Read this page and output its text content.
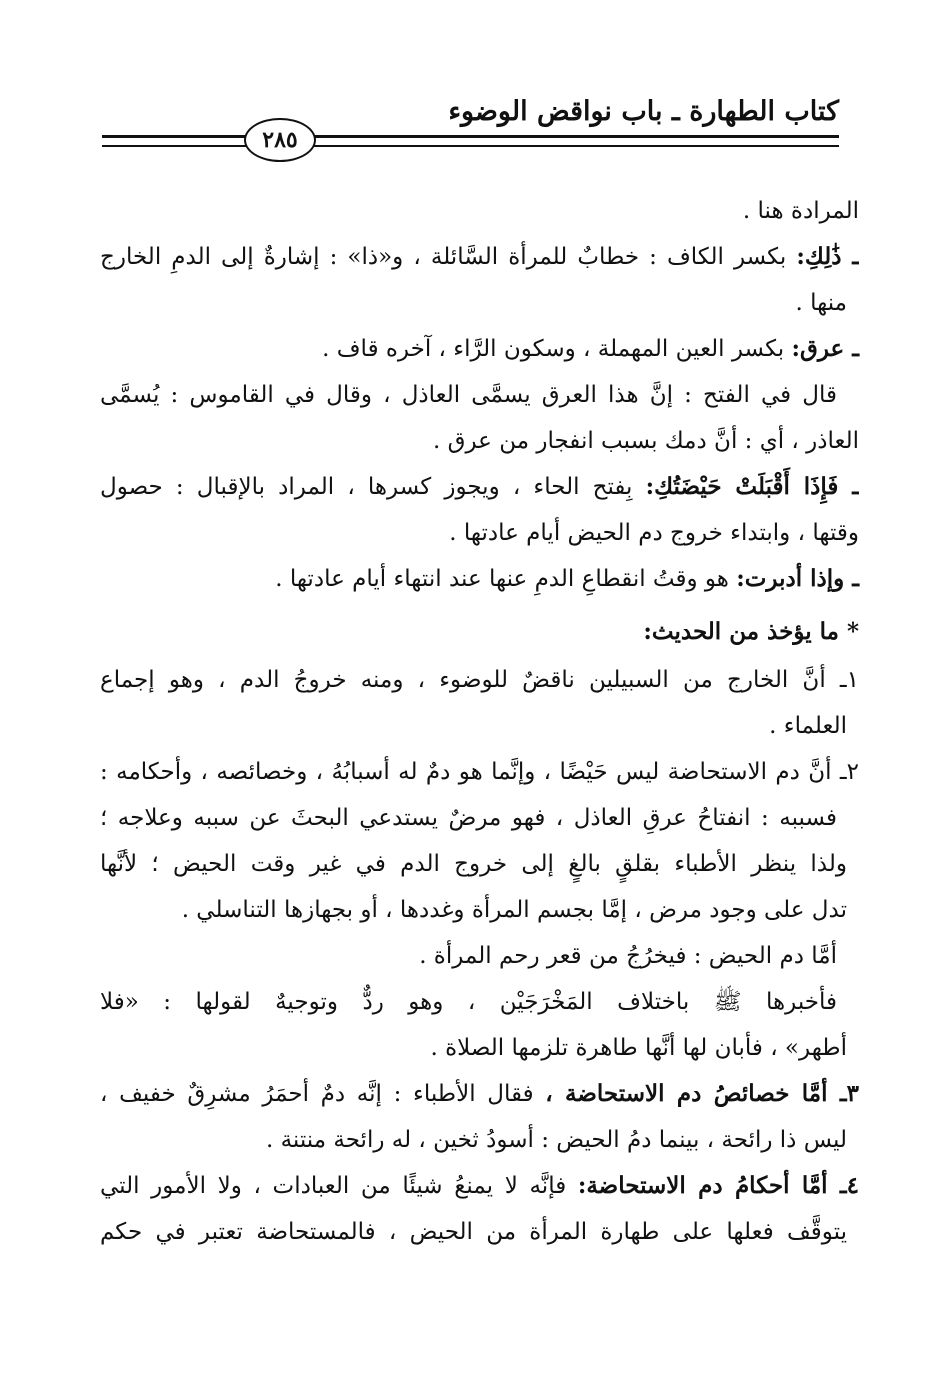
كتاب الطهارة ـ باب نواقض الوضوء
٢٨٥
المرادة هنا .
ـ ذَٰلِكِ: بكسر الكاف : خطابٌ للمرأة السَّائلة ، و«ذا» : إشارةٌ إلى الدمِ الخارج
منها .
ـ عرق: بكسر العين المهملة ، وسكون الرَّاء ، آخره قاف .
قال في الفتح : إنَّ هذا العرق يسمَّى العاذل ، وقال في القاموس : يُسمَّى
العاذر ، أي : أنَّ دمك بسبب انفجار من عرق .
ـ فَإِذَا أَقْبَلَتْ حَيْضَتُكِ: بِفتح الحاء ، ويجوز كسرها ، المراد بالإقبال : حصول
وقتها ، وابتداء خروج دم الحيض أيام عادتها .
ـ وإذا أدبرت: هو وقتُ انقطاعِ الدمِ عنها عند انتهاء أيام عادتها .
* ما يؤخذ من الحديث:
١ـ أنَّ الخارج من السبيلين ناقضٌ للوضوء ، ومنه خروجُ الدم ، وهو إجماع
العلماء .
٢ـ أنَّ دم الاستحاضة ليس حَيْضًا ، وإنَّما هو دمٌ له أسبابُهُ ، وخصائصه ، وأحكامه :
فسببه : انفتاحُ عرقِ العاذل ، فهو مرضٌ يستدعي البحثَ عن سببه وعلاجه ؛
ولذا ينظر الأطباء بقلقٍ بالغٍ إلى خروج الدم في غير وقت الحيض ؛ لأنَّها
تدل على وجود مرض ، إمَّا بجسم المرأة وغددها ، أو بجهازها التناسلي .
أمَّا دم الحيض : فيخرُجُ من قعر رحم المرأة .
فأخبرها ﷺ باختلاف المَخْرَجَيْن ، وهو ردٌّ وتوجيهٌ لقولها : «فلا
أطهر» ، فأبان لها أنَّها طاهرة تلزمها الصلاة .
٣ـ أمَّا خصائصُ دم الاستحاضة ، فقال الأطباء : إنَّه دمٌ أحمَرُ مشرِقٌ خفيف ،
ليس ذا رائحة ، بينما دمُ الحيض : أسودُ ثخين ، له رائحة منتنة .
٤ـ أمَّا أحكامُ دم الاستحاضة: فإنَّه لا يمنعُ شيئًا من العبادات ، ولا الأمور التي
يتوقَّف فعلها على طهارة المرأة من الحيض ، فالمستحاضة تعتبر في حكم
